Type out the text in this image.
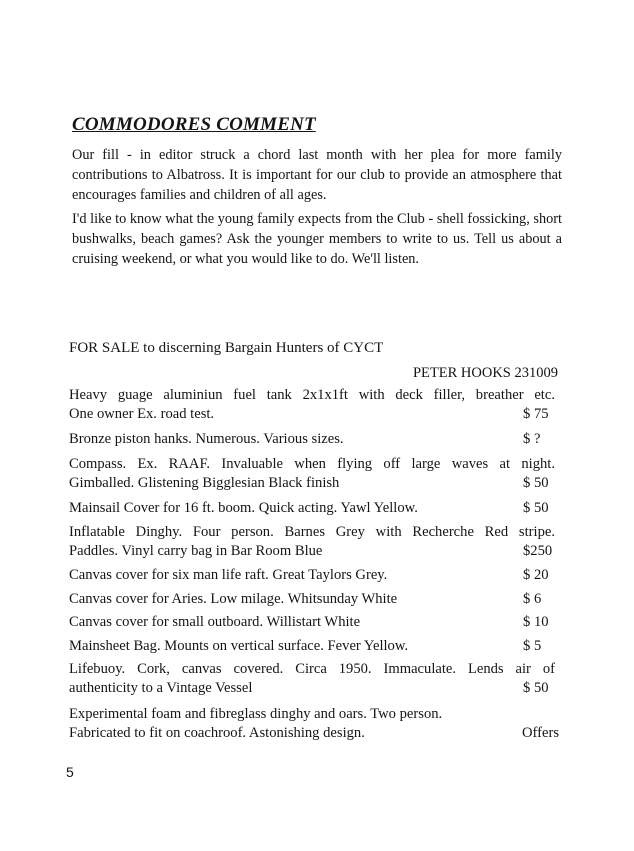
COMMODORES COMMENT

Our fill - in editor struck a chord last month with her plea for more family contributions to Albatross. It is important for our club to provide an atmosphere that encourages families and children of all ages.

I'd like to know what the young family expects from the Club - shell fossicking, short bushwalks, beach games? Ask the younger members to write to us. Tell us about a cruising weekend, or what you would like to do. We'll listen.

FOR SALE to discerning Bargain Hunters of CYCT

PETER HOOKS 231009

Heavy guage aluminiun fuel tank 2x1x1ft with deck filler, breather etc.
One owner Ex. road test.	$ 75
Bronze piston hanks. Numerous. Various sizes.	$ ?
Compass. Ex. RAAF. Invaluable when flying off large waves at night.
Gimballed. Glistening Bigglesian Black finish	$ 50
Mainsail Cover for 16 ft. boom. Quick acting. Yawl Yellow.	$ 50
Inflatable Dinghy. Four person. Barnes Grey with Recherche Red stripe.
Paddles. Vinyl carry bag in Bar Room Blue	$250
Canvas cover for six man life raft. Great Taylors Grey.	$ 20
Canvas cover for Aries. Low milage. Whitsunday White	$ 6
Canvas cover for small outboard. Willistart White	$ 10
Mainsheet Bag. Mounts on vertical surface. Fever Yellow.	$ 5
Lifebuoy. Cork, canvas covered. Circa 1950. Immaculate. Lends air of
authenticity to a Vintage Vessel	$ 50
Experimental foam and fibreglass dinghy and oars. Two person.
Fabricated to fit on coachroof. Astonishing design.	Offers

5
